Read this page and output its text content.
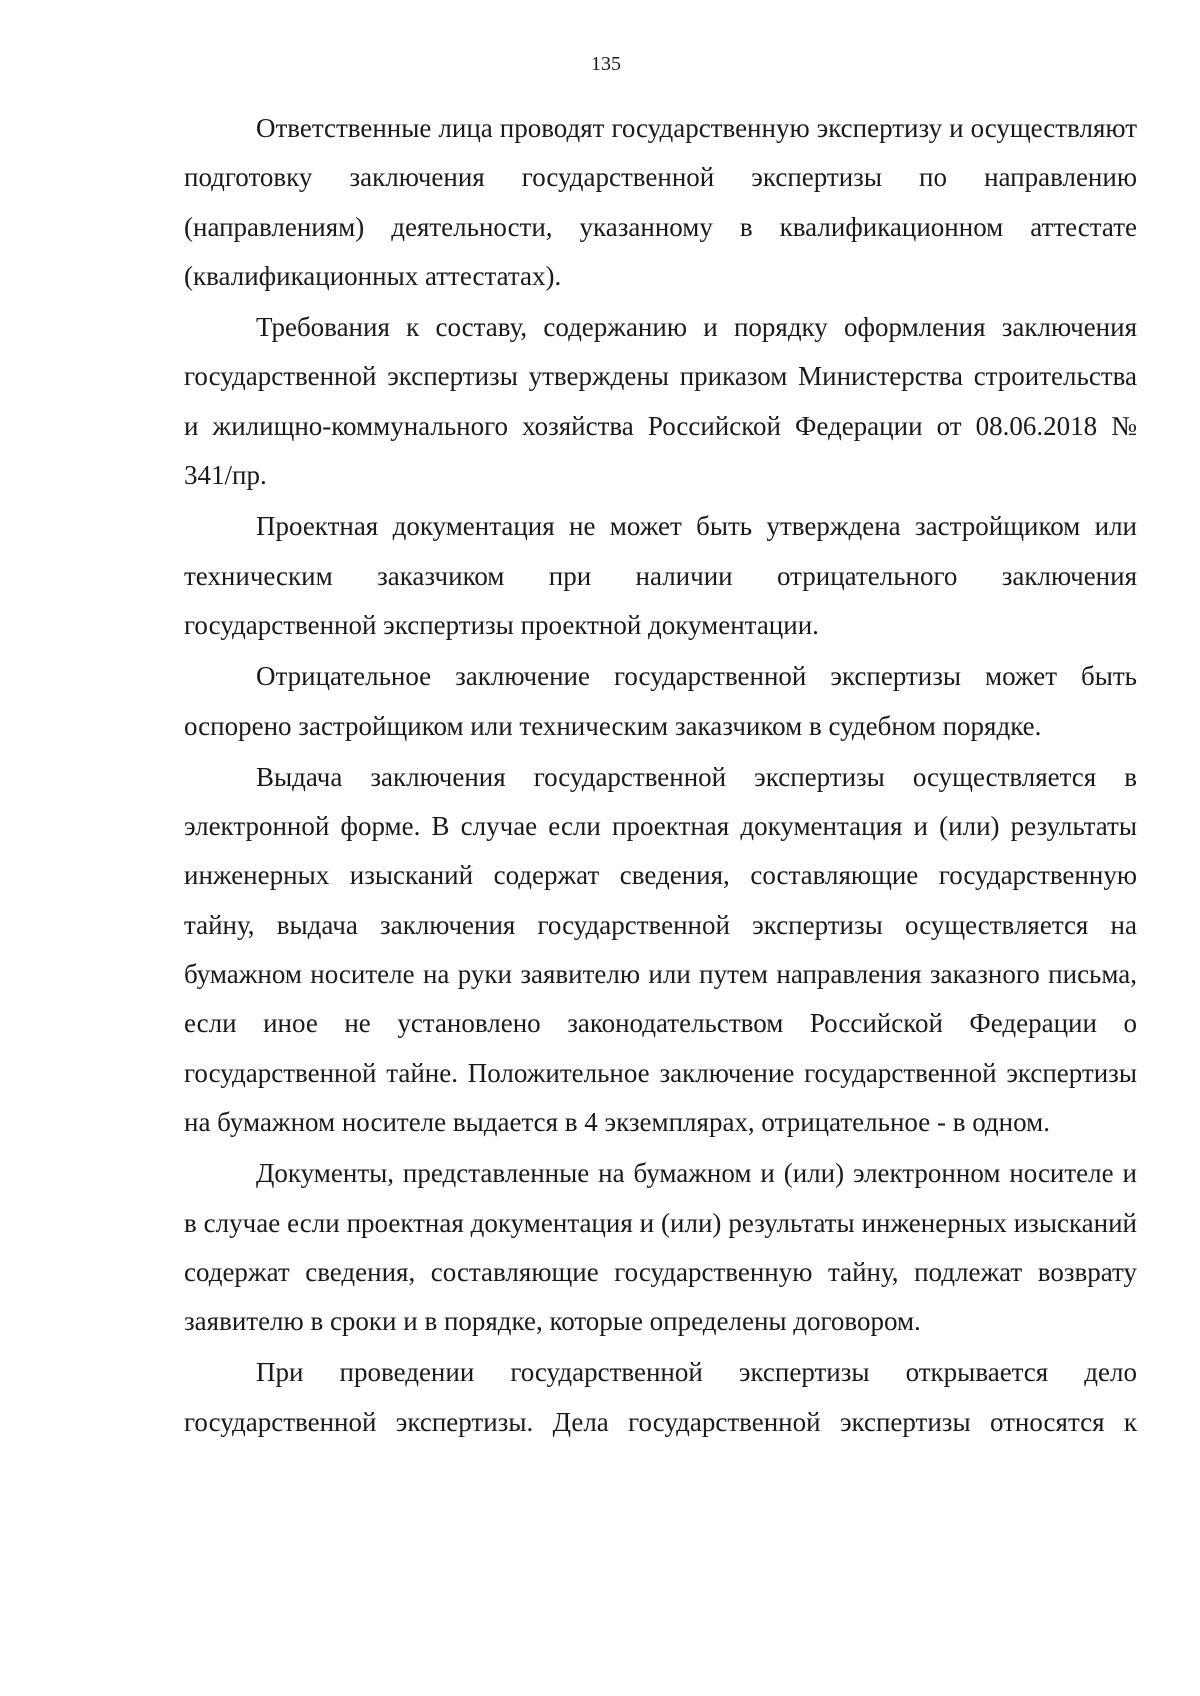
135

Ответственные лица проводят государственную экспертизу и осуществляют подготовку заключения государственной экспертизы по направлению (направлениям) деятельности, указанному в квалификационном аттестате (квалификационных аттестатах).

Требования к составу, содержанию и порядку оформления заключения государственной экспертизы утверждены приказом Министерства строительства и жилищно-коммунального хозяйства Российской Федерации от 08.06.2018 № 341/пр.

Проектная документация не может быть утверждена застройщиком или техническим заказчиком при наличии отрицательного заключения государственной экспертизы проектной документации.

Отрицательное заключение государственной экспертизы может быть оспорено застройщиком или техническим заказчиком в судебном порядке.

Выдача заключения государственной экспертизы осуществляется в электронной форме. В случае если проектная документация и (или) результаты инженерных изысканий содержат сведения, составляющие государственную тайну, выдача заключения государственной экспертизы осуществляется на бумажном носителе на руки заявителю или путем направления заказного письма, если иное не установлено законодательством Российской Федерации о государственной тайне. Положительное заключение государственной экспертизы на бумажном носителе выдается в 4 экземплярах, отрицательное - в одном.

Документы, представленные на бумажном и (или) электронном носителе и в случае если проектная документация и (или) результаты инженерных изысканий содержат сведения, составляющие государственную тайну, подлежат возврату заявителю в сроки и в порядке, которые определены договором.

При проведении государственной экспертизы открывается дело государственной экспертизы. Дела государственной экспертизы относятся к
